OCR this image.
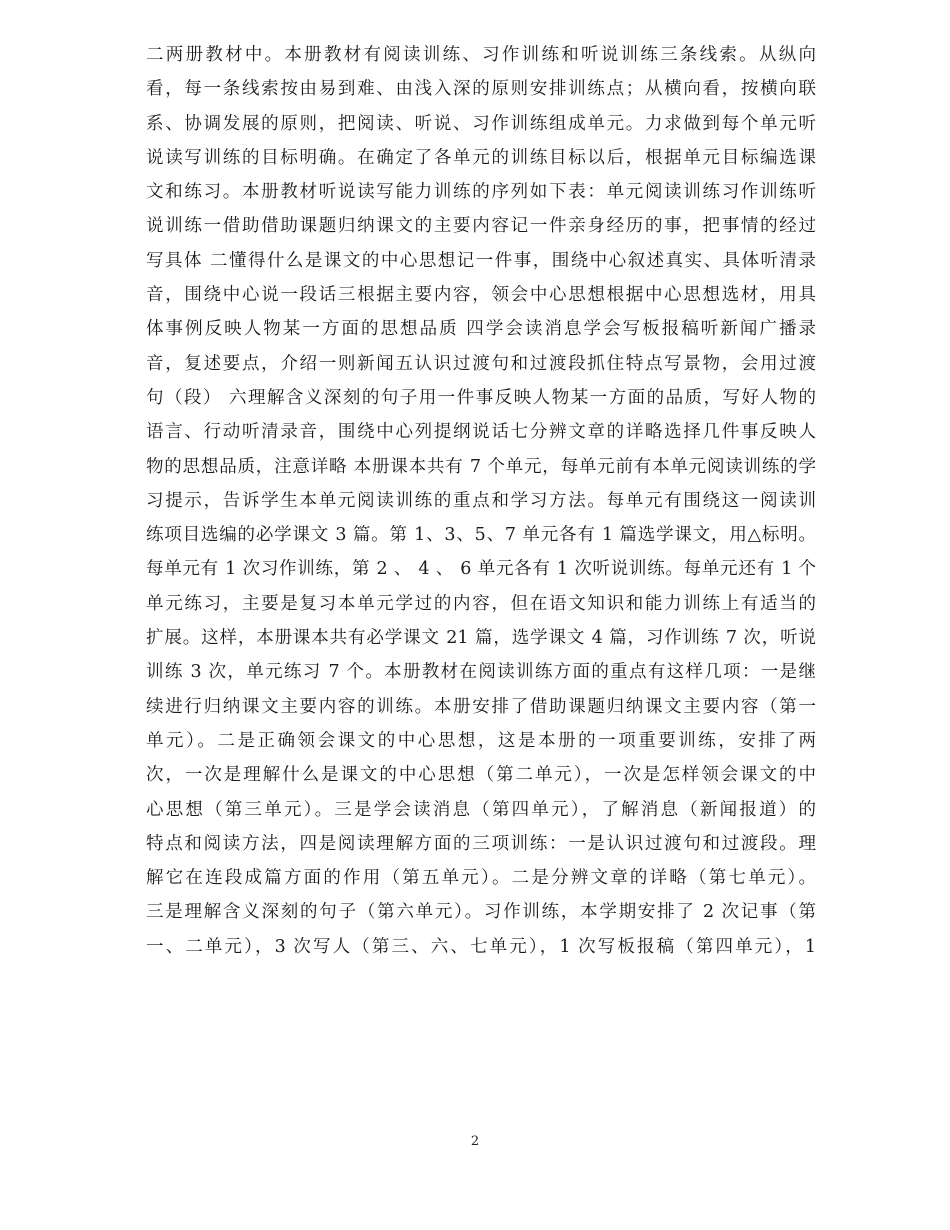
二两册教材中。本册教材有阅读训练、习作训练和听说训练三条线索。从纵向
看，每一条线索按由易到难、由浅入深的原则安排训练点；从横向看，按横向联
系、协调发展的原则，把阅读、听说、习作训练组成单元。力求做到每个单元听
说读写训练的目标明确。在确定了各单元的训练目标以后，根据单元目标编选课
文和练习。本册教材听说读写能力训练的序列如下表：单元阅读训练习作训练听
说训练一借助借助课题归纳课文的主要内容记一件亲身经历的事，把事情的经过
写具体 二懂得什么是课文的中心思想记一件事，围绕中心叙述真实、具体听清录
音，围绕中心说一段话三根据主要内容，领会中心思想根据中心思想选材，用具
体事例反映人物某一方面的思想品质 四学会读消息学会写板报稿听新闻广播录
音，复述要点，介绍一则新闻五认识过渡句和过渡段抓住特点写景物，会用过渡
句（段） 六理解含义深刻的句子用一件事反映人物某一方面的品质，写好人物的
语言、行动听清录音，围绕中心列提纲说话七分辨文章的详略选择几件事反映人
物的思想品质，注意详略 本册课本共有 7 个单元，每单元前有本单元阅读训练的学
习提示，告诉学生本单元阅读训练的重点和学习方法。每单元有围绕这一阅读训
练项目选编的必学课文 3 篇。第 1、3、5、7 单元各有 1 篇选学课文，用△标明。
每单元有 1 次习作训练，第 2 、 4 、 6 单元各有 1 次听说训练。每单元还有 1 个
单元练习，主要是复习本单元学过的内容，但在语文知识和能力训练上有适当的
扩展。这样，本册课本共有必学课文 21 篇，选学课文 4 篇，习作训练 7 次，听说
训练 3 次，单元练习 7 个。本册教材在阅读训练方面的重点有这样几项：一是继
续进行归纳课文主要内容的训练。本册安排了借助课题归纳课文主要内容（第一
单元）。二是正确领会课文的中心思想，这是本册的一项重要训练，安排了两
次，一次是理解什么是课文的中心思想（第二单元），一次是怎样领会课文的中
心思想（第三单元）。三是学会读消息（第四单元），了解消息（新闻报道）的
特点和阅读方法，四是阅读理解方面的三项训练：一是认识过渡句和过渡段。理
解它在连段成篇方面的作用（第五单元）。二是分辨文章的详略（第七单元）。
三是理解含义深刻的句子（第六单元）。习作训练，本学期安排了 2 次记事（第
一、二单元），3 次写人（第三、六、七单元），1 次写板报稿（第四单元），1
2
